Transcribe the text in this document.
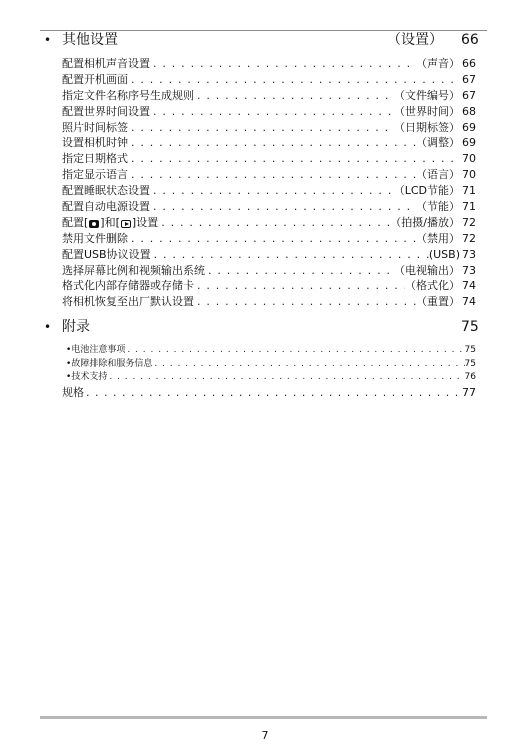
• 其他设置	（设置） 66
配置相机声音设置 . . .	（声音） 66
配置开机画面 . . .	67
指定文件名称序号生成规则 . . .	（文件编号） 67
配置世界时间设置 . . .	（世界时间） 68
照片时间标签 . . .	（日期标签） 69
设置相机时钟 . . .	（调整） 69
指定日期格式 . . .	70
指定显示语言 . . .	（语言） 70
配置睡眠状态设置 . . .	（LCD节能） 71
配置自动电源设置 . . .	（节能） 71
配置[ ]和[ ]设置 . . .	（拍摄/播放） 72
禁用文件删除 . . .	（禁用） 72
配置USB协议设置 . . .	(USB) 73
选择屏幕比例和视频输出系统 . . .	（电视输出） 73
格式化内部存储器或存储卡 . . .	（格式化） 74
将相机恢复至出厂默认设置 . . .	（重置） 74
• 附录	75
• 电池注意事项 . . .	75
• 故障排除和服务信息 . . .	75
• 技术支持 . . .	76
规格 . . .	77
7
